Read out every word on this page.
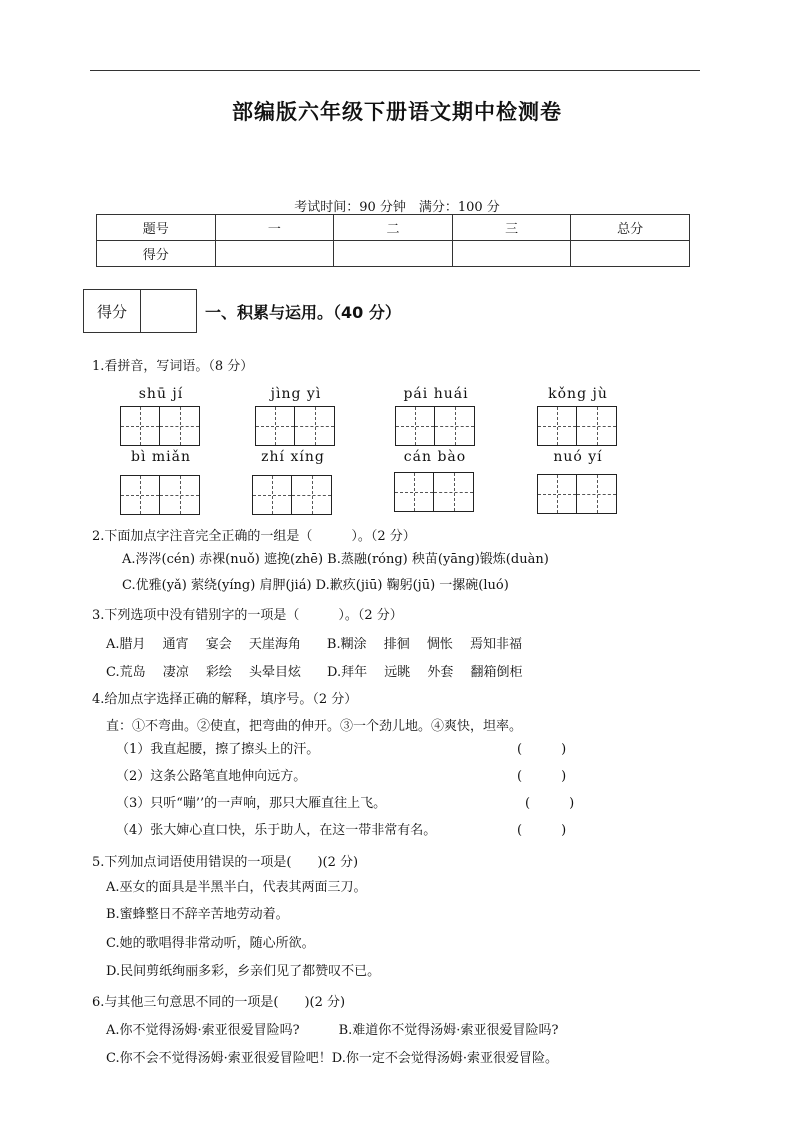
部编版六年级下册语文期中检测卷
考试时间：90 分钟　满分：100 分
题号	一	二	三	总分
得分				
得分	一、积累与运用。（40 分）
1.看拼音，写词语。（8 分）
shū jí	jìng yì	pái huái	kǒng jù
bì miǎn	zhí xíng	cán bào	nuó yí
2.下面加点字注音完全正确的一组是（　　　）。（2 分）
A.涔涔(cén) 赤裸(nuǒ) 遮挽(zhē) B.蒸融(róng) 秧苗(yāng)锻炼(duàn)
C.优雅(yǎ) 萦绕(yíng) 肩胛(jiá) D.歉疚(jiū) 鞠躬(jū) 一摞碗(luó)
3.下列选项中没有错别字的一项是（　　　）。（2 分）
A.腊月　 通宵　 宴会　 天崖海角　　B.糊涂　 排徊　 惆怅　 焉知非福
C.荒岛　 凄凉　 彩绘　 头晕目炫　　D.拜年　 远眺　 外套　 翻箱倒柜
4.给加点字选择正确的解释，填序号。（2 分）
直：①不弯曲。②使直，把弯曲的伸开。③一个劲儿地。④爽快，坦率。
（1）我直起腰，擦了擦头上的汗。	(　　　)
（2）这条公路笔直地伸向远方。	(　　　)
（3）只听“嘣’’的一声响，那只大雁直往上飞。	(　　　)
（4）张大婶心直口快，乐于助人，在这一带非常有名。	(　　　)
5.下列加点词语使用错误的一项是(　　)(2 分)
A.巫女的面具是半黑半白，代表其两面三刀。
B.蜜蜂整日不辞辛苦地劳动着。
C.她的歌唱得非常动听，随心所欲。
D.民间剪纸绚丽多彩，乡亲们见了都赞叹不已。
6.与其他三句意思不同的一项是(　　)(2 分)
A.你不觉得汤姆·索亚很爱冒险吗?　　　B.难道你不觉得汤姆·索亚很爱冒险吗?
C.你不会不觉得汤姆·索亚很爱冒险吧！D.你一定不会觉得汤姆·索亚很爱冒险。
